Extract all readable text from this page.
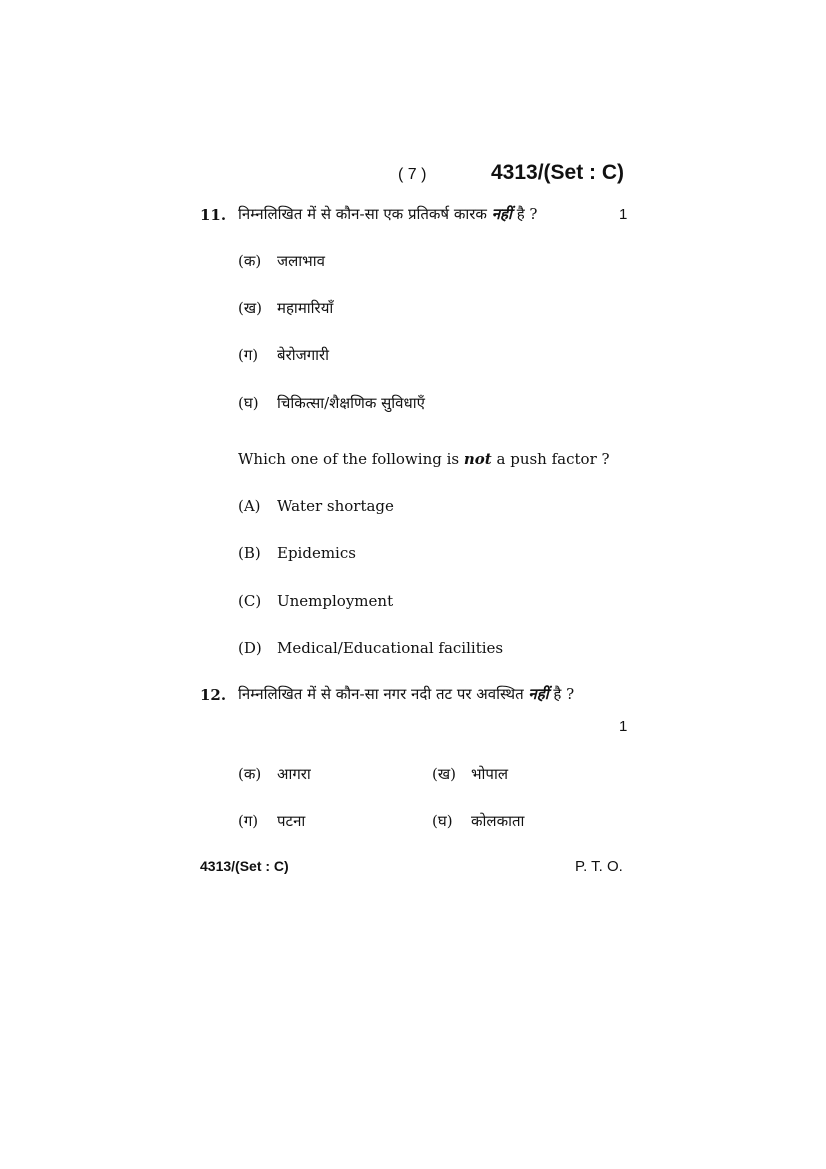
( 7 )	4313/(Set : C)
11. निम्नलिखित में से कौन-सा एक प्रतिकर्ष कारक नहीं है ?	1
(क) जलाभाव
(ख) महामारियाँ
(ग) बेरोजगारी
(घ) चिकित्सा/शैक्षणिक सुविधाएँ
Which one of the following is not a push factor ?
(A) Water shortage
(B) Epidemics
(C) Unemployment
(D) Medical/Educational facilities
12. निम्नलिखित में से कौन-सा नगर नदी तट पर अवस्थित नहीं है ?
1
(क) आगरा	(ख) भोपाल
(ग) पटना	(घ) कोलकाता
4313/(Set : C)	P. T. O.
